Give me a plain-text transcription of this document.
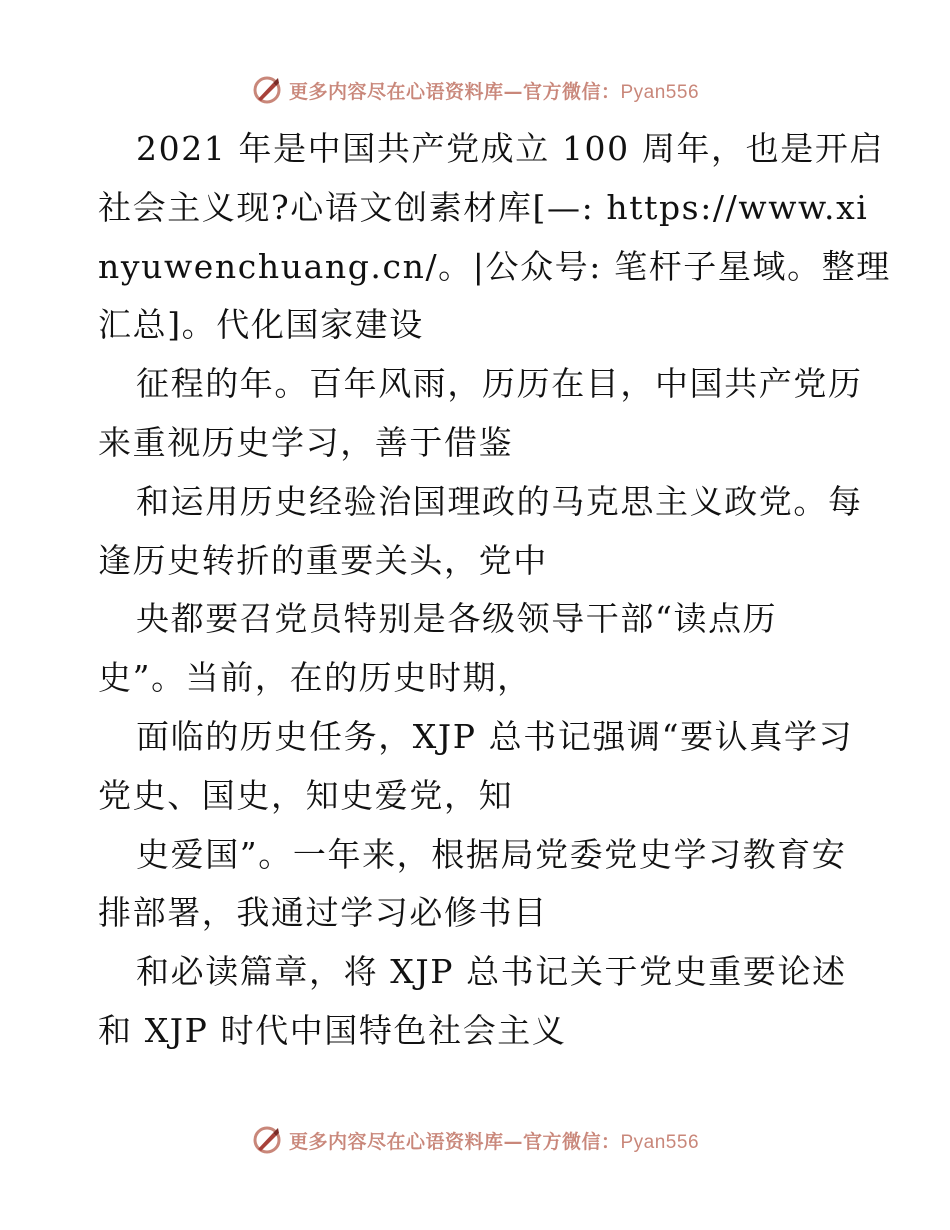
更多内容尽在心语资料库—官方微信：Pyan556
2021 年是中国共产党成立 100 周年，也是开启
社会主义现?心语文创素材库[—: https://www.xi
nyuwenchuang.cn/。|公众号: 笔杆子星域。整理
汇总]。代化国家建设
征程的年。百年风雨，历历在目，中国共产党历
来重视历史学习，善于借鉴
和运用历史经验治国理政的马克思主义政党。每
逢历史转折的重要关头，党中
央都要召党员特别是各级领导干部“读点历
史”。当前，在的历史时期，
面临的历史任务，XJP 总书记强调“要认真学习
党史、国史，知史爱党，知
史爱国”。一年来，根据局党委党史学习教育安
排部署，我通过学习必修书目
和必读篇章，将 XJP 总书记关于党史重要论述
和 XJP 时代中国特色社会主义
更多内容尽在心语资料库—官方微信：Pyan556
